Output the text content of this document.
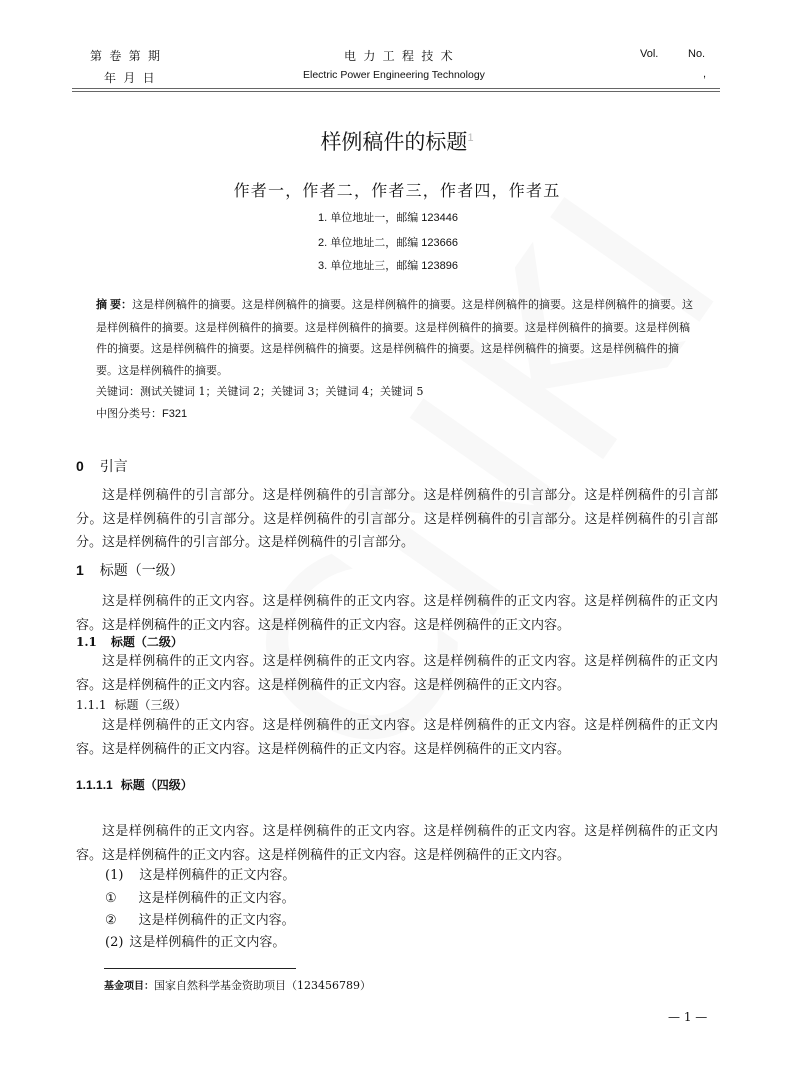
第 卷 第 期
年 月 日
电 力 工 程 技 术
Electric Power Engineering Technology
Vol.	No.
,
样例稿件的标题$^1$
作者一，作者二，作者三，作者四，作者五
1. 单位地址一，邮编 123446
2. 单位地址二，邮编 123666
3. 单位地址三，邮编 123896
摘 要：这是样例稿件的摘要。这是样例稿件的摘要。这是样例稿件的摘要。这是样例稿件的摘要。这是样例稿件的摘要。这是样例稿件的摘要。这是样例稿件的摘要。这是样例稿件的摘要。这是样例稿件的摘要。这是样例稿件的摘要。这是样例稿件的摘要。这是样例稿件的摘要。这是样例稿件的摘要。这是样例稿件的摘要。这是样例稿件的摘要。这是样例稿件的摘要。这是样例稿件的摘要。
关键词：测试关键词 1；关键词 2；关键词 3；关键词 4；关键词 5
中图分类号：F321
0 引言
这是样例稿件的引言部分。这是样例稿件的引言部分。这是样例稿件的引言部分。这是样例稿件的引言部分。这是样例稿件的引言部分。这是样例稿件的引言部分。这是样例稿件的引言部分。这是样例稿件的引言部分。这是样例稿件的引言部分。这是样例稿件的引言部分。
1 标题（一级）
这是样例稿件的正文内容。这是样例稿件的正文内容。这是样例稿件的正文内容。这是样例稿件的正文内容。这是样例稿件的正文内容。这是样例稿件的正文内容。这是样例稿件的正文内容。
1.1 标题（二级）
这是样例稿件的正文内容。这是样例稿件的正文内容。这是样例稿件的正文内容。这是样例稿件的正文内容。这是样例稿件的正文内容。这是样例稿件的正文内容。这是样例稿件的正文内容。
1.1.1 标题（三级）
这是样例稿件的正文内容。这是样例稿件的正文内容。这是样例稿件的正文内容。这是样例稿件的正文内容。这是样例稿件的正文内容。这是样例稿件的正文内容。这是样例稿件的正文内容。
1.1.1.1 标题（四级）
这是样例稿件的正文内容。这是样例稿件的正文内容。这是样例稿件的正文内容。这是样例稿件的正文内容。这是样例稿件的正文内容。这是样例稿件的正文内容。这是样例稿件的正文内容。
(1) 这是样例稿件的正文内容。
① 这是样例稿件的正文内容。
② 这是样例稿件的正文内容。
(2) 这是样例稿件的正文内容。
基金项目：国家自然科学基金资助项目（123456789）
— 1 —
